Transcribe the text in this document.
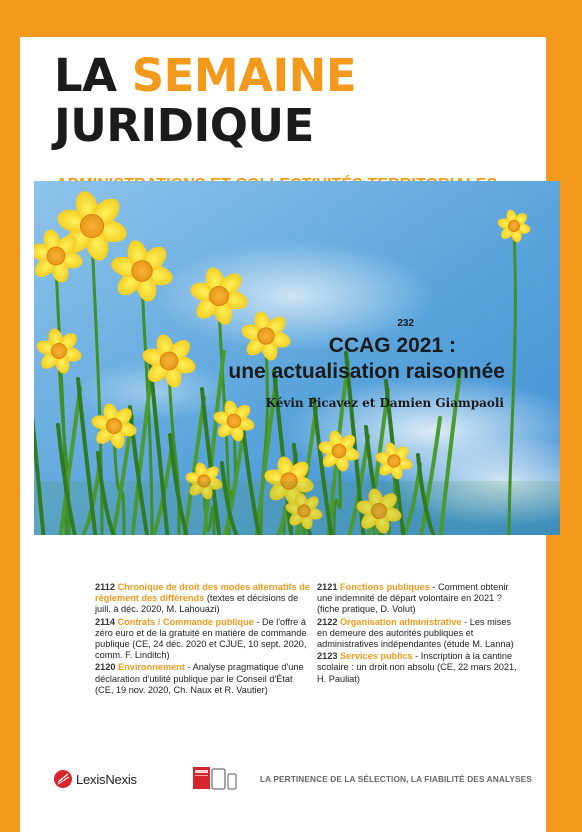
LA SEMAINE
JURIDIQUE
2112 Chronique de droit des modes alternatifs de règlement des différends (textes et décisions de juill. à déc. 2020, M. Lahouazi)
2114 Contrats / Commande publique - De l'offre à zéro euro et de la gratuité en matière de commande publique (CE, 24 déc. 2020 et CJUE, 10 sept. 2020, comm. F. Linditch)
2120 Environnement - Analyse pragmatique d'une déclaration d'utilité publique par le Conseil d'État (CE, 19 nov. 2020, Ch. Naux et R. Vautier)
2121 Fonctions publiques - Comment obtenir une indemnité de départ volontaire en 2021 ? (fiche pratique, D. Volut)
2122 Organisation administrative - Les mises en demeure des autorités publiques et administratives indépendantes (étude M. Lanna)
2123 Services publics - Inscription à la cantine scolaire : un droit non absolu (CE, 22 mars 2021, H. Pauliat)
LexisNexis	LA PERTINENCE DE LA SÉLECTION, LA FIABILITÉ DES ANALYSES
232
CCAG 2021 :
une actualisation raisonnée
Kévin Picavez et Damien Giampaoli
